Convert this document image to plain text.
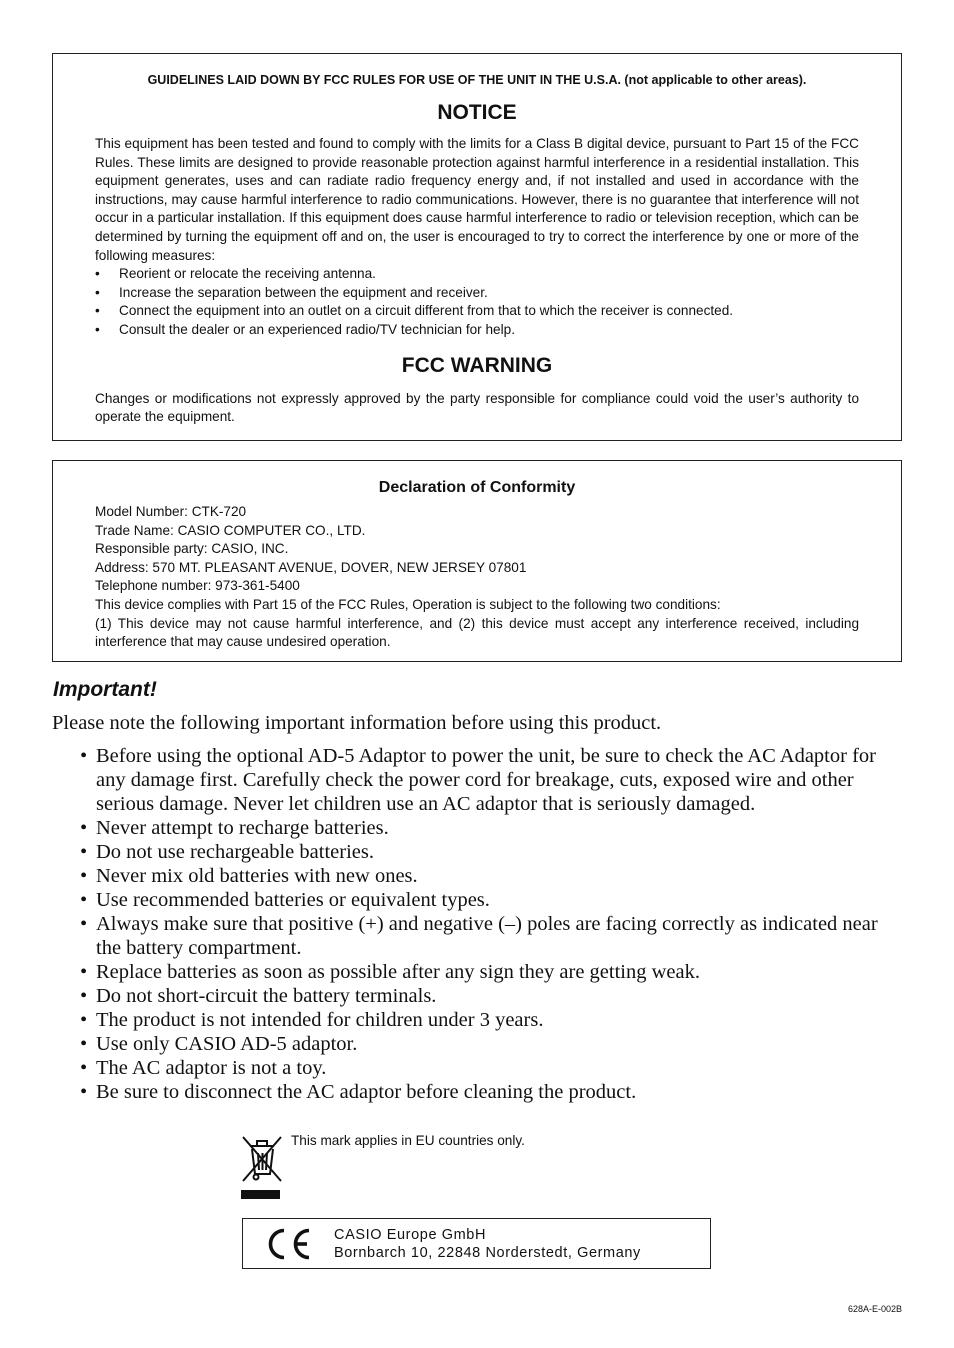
GUIDELINES LAID DOWN BY FCC RULES FOR USE OF THE UNIT IN THE U.S.A. (not applicable to other areas).

NOTICE

This equipment has been tested and found to comply with the limits for a Class B digital device, pursuant to Part 15 of the FCC Rules. These limits are designed to provide reasonable protection against harmful interference in a residential installation. This equipment generates, uses and can radiate radio frequency energy and, if not installed and used in accordance with the instructions, may cause harmful interference to radio communications. However, there is no guarantee that interference will not occur in a particular installation. If this equipment does cause harmful interference to radio or television reception, which can be determined by turning the equipment off and on, the user is encouraged to try to correct the interference by one or more of the following measures:

• Reorient or relocate the receiving antenna.
• Increase the separation between the equipment and receiver.
• Connect the equipment into an outlet on a circuit different from that to which the receiver is connected.
• Consult the dealer or an experienced radio/TV technician for help.
FCC WARNING

Changes or modifications not expressly approved by the party responsible for compliance could void the user’s authority to operate the equipment.

Declaration of Conformity

Model Number: CTK-720

Trade Name: CASIO COMPUTER CO., LTD.

Responsible party: CASIO, INC.

Address: 570 MT. PLEASANT AVENUE, DOVER, NEW JERSEY 07801

Telephone number: 973-361-5400

This device complies with Part 15 of the FCC Rules, Operation is subject to the following two conditions:

(1) This device may not cause harmful interference, and (2) this device must accept any interference received, including interference that may cause undesired operation.

Important!

Please note the following important information before using this product.

• Before using the optional AD-5 Adaptor to power the unit, be sure to check the AC Adaptor for any damage first. Carefully check the power cord for breakage, cuts, exposed wire and other serious damage. Never let children use an AC adaptor that is seriously damaged.
• Never attempt to recharge batteries.
• Do not use rechargeable batteries.
• Never mix old batteries with new ones.
• Use recommended batteries or equivalent types.
• Always make sure that positive (+) and negative (–) poles are facing correctly as indicated near the battery compartment.
• Replace batteries as soon as possible after any sign they are getting weak.
• Do not short-circuit the battery terminals.
• The product is not intended for children under 3 years.
• Use only CASIO AD-5 adaptor.
• The AC adaptor is not a toy.
• Be sure to disconnect the AC adaptor before cleaning the product.

This mark applies in EU countries only.

CASIO Europe GmbH
Bornbarch 10, 22848 Norderstedt, Germany

628A-E-002B
